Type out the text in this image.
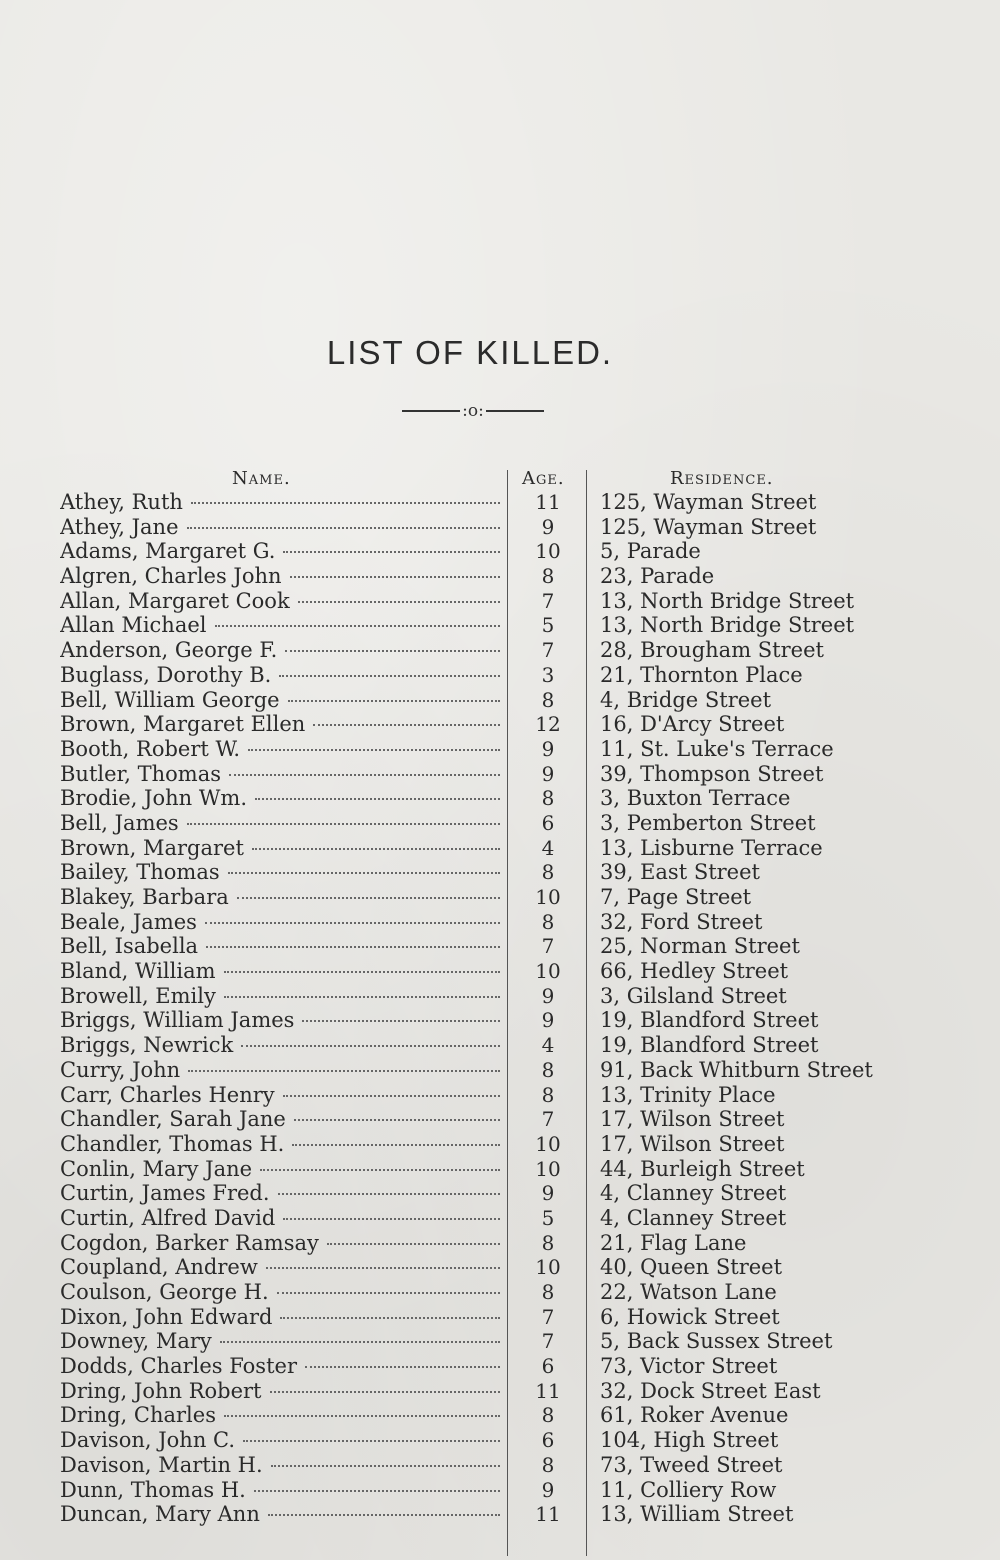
LIST OF KILLED.
:o:
Name.	Age.	Residence.
Athey, Ruth	11	125, Wayman Street
Athey, Jane	9	125, Wayman Street
Adams, Margaret G.	10	5, Parade
Algren, Charles John	8	23, Parade
Allan, Margaret Cook	7	13, North Bridge Street
Allan Michael	5	13, North Bridge Street
Anderson, George F.	7	28, Brougham Street
Buglass, Dorothy B.	3	21, Thornton Place
Bell, William George	8	4, Bridge Street
Brown, Margaret Ellen	12	16, D'Arcy Street
Booth, Robert W.	9	11, St. Luke's Terrace
Butler, Thomas	9	39, Thompson Street
Brodie, John Wm.	8	3, Buxton Terrace
Bell, James	6	3, Pemberton Street
Brown, Margaret	4	13, Lisburne Terrace
Bailey, Thomas	8	39, East Street
Blakey, Barbara	10	7, Page Street
Beale, James	8	32, Ford Street
Bell, Isabella	7	25, Norman Street
Bland, William	10	66, Hedley Street
Browell, Emily	9	3, Gilsland Street
Briggs, William James	9	19, Blandford Street
Briggs, Newrick	4	19, Blandford Street
Curry, John	8	91, Back Whitburn Street
Carr, Charles Henry	8	13, Trinity Place
Chandler, Sarah Jane	7	17, Wilson Street
Chandler, Thomas H.	10	17, Wilson Street
Conlin, Mary Jane	10	44, Burleigh Street
Curtin, James Fred.	9	4, Clanney Street
Curtin, Alfred David	5	4, Clanney Street
Cogdon, Barker Ramsay	8	21, Flag Lane
Coupland, Andrew	10	40, Queen Street
Coulson, George H.	8	22, Watson Lane
Dixon, John Edward	7	6, Howick Street
Downey, Mary	7	5, Back Sussex Street
Dodds, Charles Foster	6	73, Victor Street
Dring, John Robert	11	32, Dock Street East
Dring, Charles	8	61, Roker Avenue
Davison, John C.	6	104, High Street
Davison, Martin H.	8	73, Tweed Street
Dunn, Thomas H.	9	11, Colliery Row
Duncan, Mary Ann	11	13, William Street
